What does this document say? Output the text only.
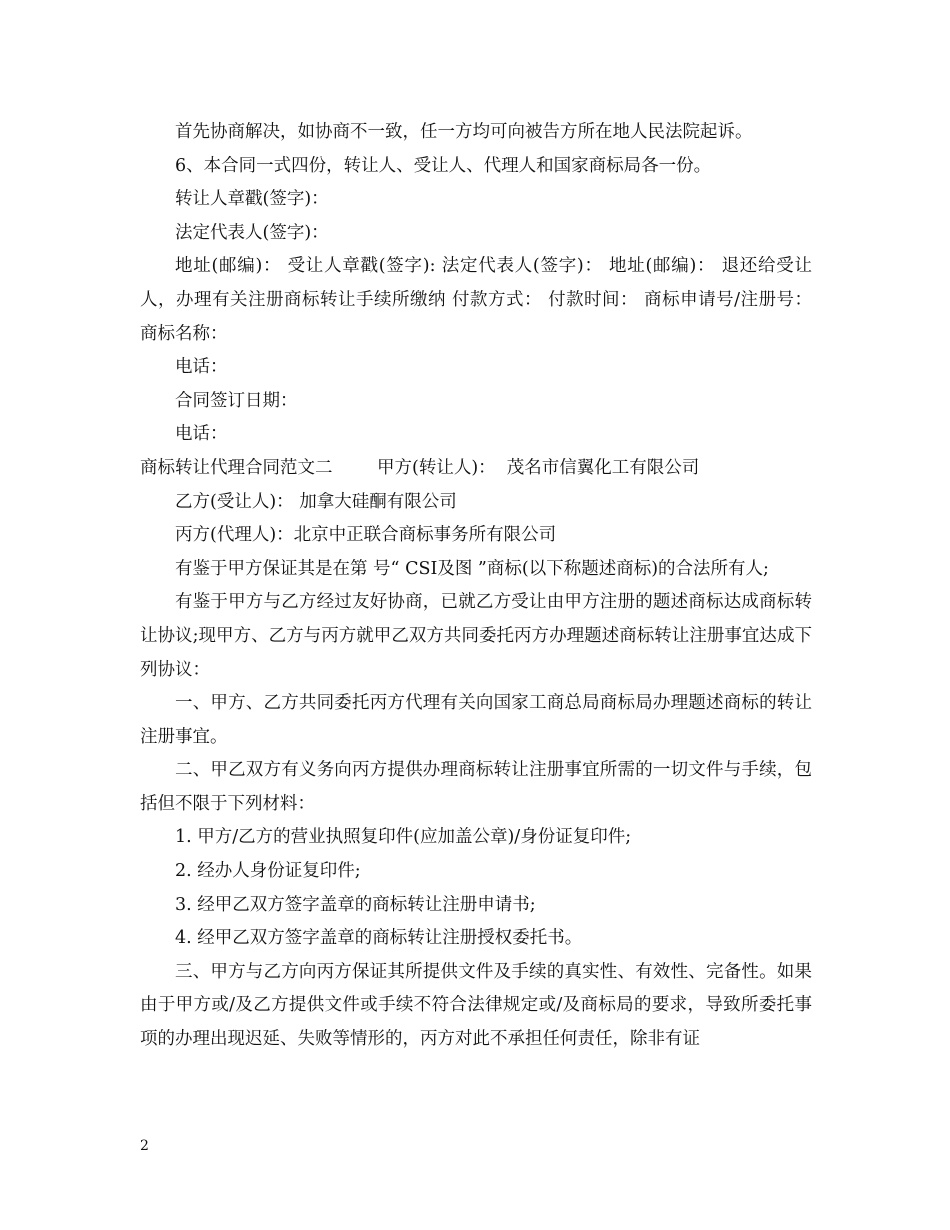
首先协商解决，如协商不一致，任一方均可向被告方所在地人民法院起诉。

6、本合同一式四份，转让人、受让人、代理人和国家商标局各一份。

转让人章戳(签字)：

法定代表人(签字)：

地址(邮编)： 受让人章戳(签字): 法定代表人(签字)： 地址(邮编)： 退还给受让人，办理有关注册商标转让手续所缴纳 付款方式： 付款时间： 商标申请号/注册号： 商标名称：

电话：

合同签订日期：

电话：

商标转让代理合同范文二        甲方(转让人)：  茂名市信翼化工有限公司

乙方(受让人)： 加拿大硅酮有限公司

丙方(代理人)：北京中正联合商标事务所有限公司

有鉴于甲方保证其是在第 号“ CSI及图 ”商标(以下称题述商标)的合法所有人;

有鉴于甲方与乙方经过友好协商，已就乙方受让由甲方注册的题述商标达成商标转让协议;现甲方、乙方与丙方就甲乙双方共同委托丙方办理题述商标转让注册事宜达成下列协议：

一、甲方、乙方共同委托丙方代理有关向国家工商总局商标局办理题述商标的转让注册事宜。

二、甲乙双方有义务向丙方提供办理商标转让注册事宜所需的一切文件与手续，包括但不限于下列材料：

1. 甲方/乙方的营业执照复印件(应加盖公章)/身份证复印件;

2. 经办人身份证复印件;

3. 经甲乙双方签字盖章的商标转让注册申请书;

4. 经甲乙双方签字盖章的商标转让注册授权委托书。

三、甲方与乙方向丙方保证其所提供文件及手续的真实性、有效性、完备性。如果由于甲方或/及乙方提供文件或手续不符合法律规定或/及商标局的要求，导致所委托事项的办理出现迟延、失败等情形的，丙方对此不承担任何责任，除非有证

2
